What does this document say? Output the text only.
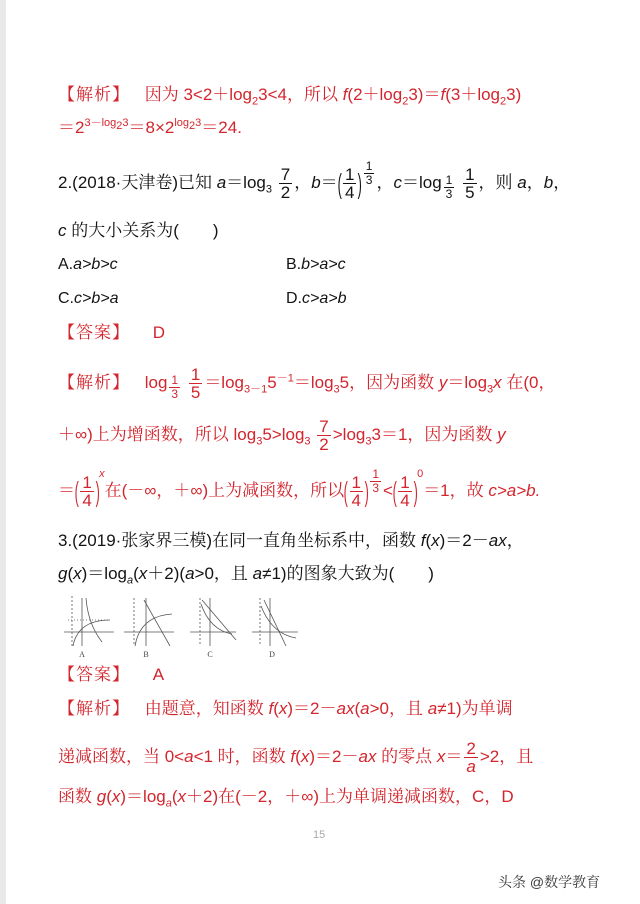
【解析】 因为 $3<2+\log_23<4$，所以 $f(2+\log_23)=f(3+\log_23)$
$=2^{3-log_23}=8\times 2^{log_23}=24$.
2.(2018·天津卷)已知 $a=\log_3 \frac{7}{2}$ ，$b=( \frac{1}{4}$ ) $\frac{1}{3}$ ，$c=\log \frac{1}{3}$
$\frac{1}{5}$ ，则 a，b，
c 的大小关系为(　　)
A.a>b>c	B.b>a>c
C.c>b>a	D.c>a>b
【答案】 D
【解析】 $\log \frac{1}{3}$
$\frac{1}{5} =\log_{3-1}5^{-1}=\log_35$，因为函数 $y=\log_3x$ 在(0，
＋∞)上为增函数，所以 $\log_35>\log_3 \frac{7}{2} >\log_33=1$，因为函数 y
＝( $\frac{1}{4} )x$在(－∞，＋∞)上为减函数，所以( $\frac{1}{4}$ ) $\frac{1}{3}$ <( $\frac{1}{4} )0=1$，故 c>a>b.
3.(2019·张家界三模)在同一直角坐标系中，函数 f(x)＝2－ax，
$g(x)=\log_a(x+2)(a>0$，且 a≠1)的图象大致为(　　)
A	B	C	D
【答案】 A
【解析】 由题意，知函数 f(x)＝2－ax(a>0，且 a≠1)为单调
递减函数，当 0<a<1 时，函数 f(x)＝2－ax 的零点 $x= \frac{2}{a} >2$，且
函数 $g(x)=\log_a(x+2)$在(－2，＋∞)上为单调递减函数，C，D
15
头条 @数学教育
